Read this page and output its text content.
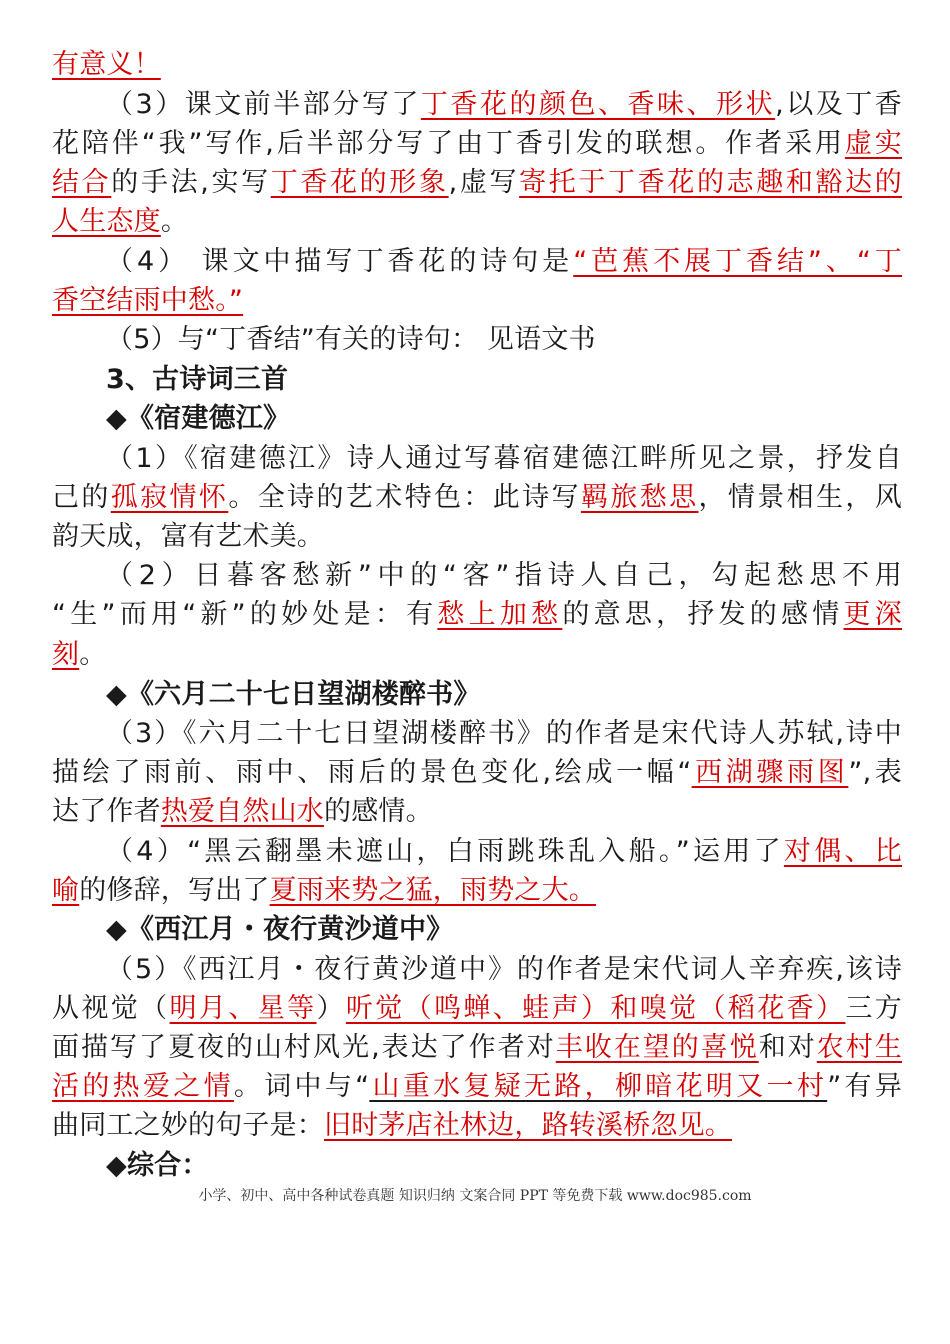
有意义！
（3）课文前半部分写了丁香花的颜色、香味、形状,以及丁香
花陪伴“我”写作,后半部分写了由丁香引发的联想。作者采用虚实
结合的手法,实写丁香花的形象,虚写寄托于丁香花的志趣和豁达的
人生态度。
（4） 课文中描写丁香花的诗句是“芭蕉不展丁香结”、“丁
香空结雨中愁。”
（5）与“丁香结”有关的诗句： 见语文书
3、古诗词三首
◆《宿建德江》
（1）《宿建德江》诗人通过写暮宿建德江畔所见之景，抒发自
己的孤寂情怀。全诗的艺术特色：此诗写羁旅愁思，情景相生，风
韵天成，富有艺术美。
（2）日暮客愁新”中的“客”指诗人自己，勾起愁思不用
“生”而用“新”的妙处是：有愁上加愁的意思，抒发的感情更深
刻。
◆《六月二十七日望湖楼醉书》
（3）《六月二十七日望湖楼醉书》的作者是宋代诗人苏轼,诗中
描绘了雨前、雨中、雨后的景色变化,绘成一幅“西湖骤雨图”,表
达了作者热爱自然山水的感情。
（4）“黑云翻墨未遮山，白雨跳珠乱入船。”运用了对偶、比
喻的修辞，写出了夏雨来势之猛，雨势之大。
◆《西江月・夜行黄沙道中》
（5）《西江月・夜行黄沙道中》的作者是宋代词人辛弃疾,该诗
从视觉（明月、星等）听觉（鸣蝉、蛙声）和嗅觉（稻花香）三方
面描写了夏夜的山村风光,表达了作者对丰收在望的喜悦和对农村生
活的热爱之情。词中与“山重水复疑无路，柳暗花明又一村”有异
曲同工之妙的句子是：旧时茅店社林边，路转溪桥忽见。
◆综合：
小学、初中、高中各种试卷真题 知识归纳 文案合同 PPT 等免费下载 www.doc985.com
